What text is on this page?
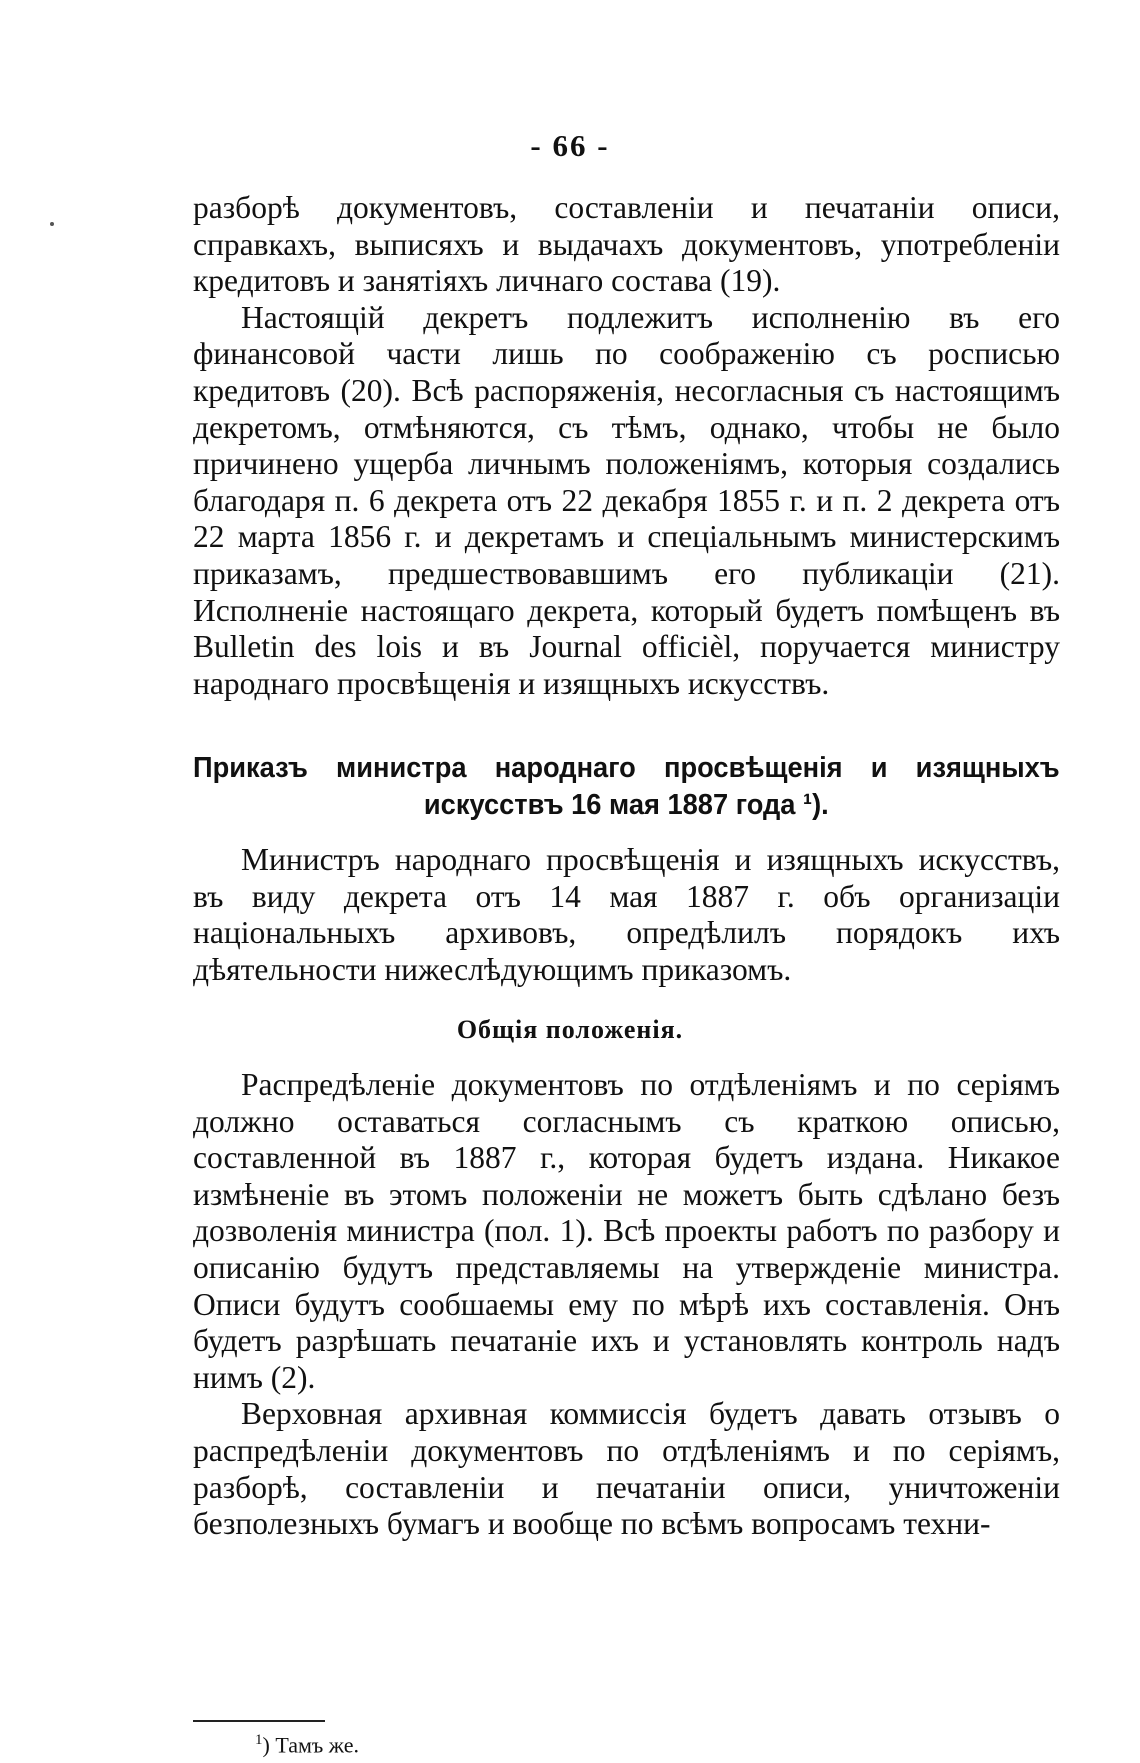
- 66 -

разборѣ документовъ, составленіи и печатаніи описи, справкахъ, выписяхъ и выдачахъ документовъ, употребленіи кредитовъ и занятіяхъ личнаго состава (19).

Настоящій декретъ подлежитъ исполненію въ его финансовой части лишь по соображенію съ росписью кредитовъ (20). Всѣ распоряженія, несогласныя съ настоящимъ декретомъ, отмѣняются, съ тѣмъ, однако, чтобы не было причинено ущерба личнымъ положеніямъ, которыя создались благодаря п. 6 декрета отъ 22 декабря 1855 г. и п. 2 декрета отъ 22 марта 1856 г. и декретамъ и спеціальнымъ министерскимъ приказамъ, предшествовавшимъ его публикаціи (21). Исполненіе настоящаго декрета, который будетъ помѣщенъ въ Bulletin des lois и въ Journal officièl, поручается министру народнаго просвѣщенія и изящныхъ искусствъ.

Приказъ министра народнаго просвѣщенія и изящныхъ искусствъ 16 мая 1887 года ¹).

Министръ народнаго просвѣщенія и изящныхъ искусствъ, въ виду декрета отъ 14 мая 1887 г. объ организаціи національныхъ архивовъ, опредѣлилъ порядокъ ихъ дѣятельности нижеслѣдующимъ приказомъ.

Общія положенія.

Распредѣленіе документовъ по отдѣленіямъ и по серіямъ должно оставаться согласнымъ съ краткою описью, составленной въ 1887 г., которая будетъ издана. Никакое измѣненіе въ этомъ положеніи не можетъ быть сдѣлано безъ дозволенія министра (пол. 1). Всѣ проекты работъ по разбору и описанію будутъ представляемы на утвержденіе министра. Описи будутъ сообшаемы ему по мѣрѣ ихъ составленія. Онъ будетъ разрѣшать печатаніе ихъ и установлять контроль надъ нимъ (2).

Верховная архивная коммиссія будетъ давать отзывъ о распредѣленіи документовъ по отдѣленіямъ и по серіямъ, разборѣ, составленіи и печатаніи описи, уничтоженіи безполезныхъ бумагъ и вообще по всѣмъ вопросамъ техни-

$^1$) Тамъ же.
